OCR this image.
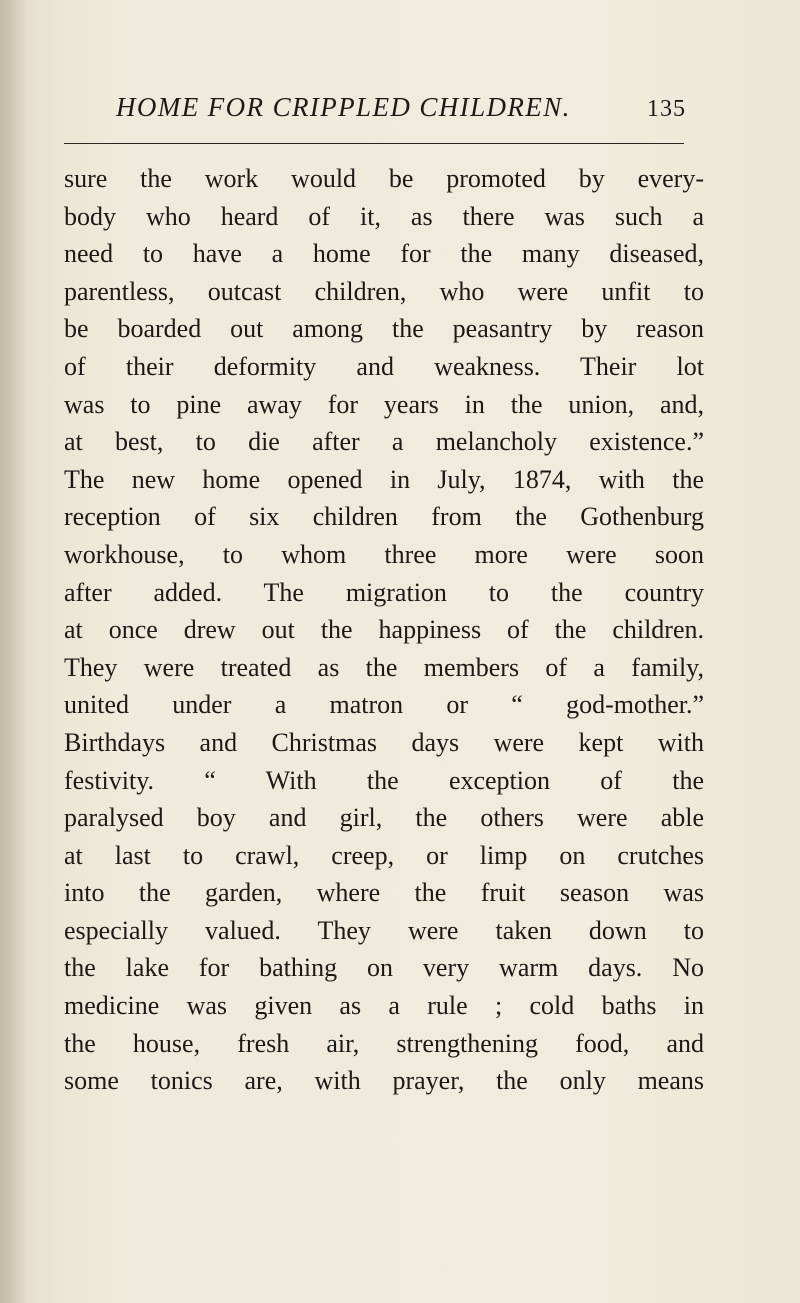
HOME FOR CRIPPLED CHILDREN.	135
sure the work would be promoted by every-
body who heard of it, as there was such a
need to have a home for the many diseased,
parentless, outcast children, who were unfit to
be boarded out among the peasantry by reason
of their deformity and weakness. Their lot
was to pine away for years in the union, and,
at best, to die after a melancholy existence.”
The new home opened in July, 1874, with the
reception of six children from the Gothenburg
workhouse, to whom three more were soon
after added. The migration to the country
at once drew out the happiness of the children.
They were treated as the members of a family,
united under a matron or “ god-mother.”
Birthdays and Christmas days were kept with
festivity. “ With the exception of the
paralysed boy and girl, the others were able
at last to crawl, creep, or limp on crutches
into the garden, where the fruit season was
especially valued. They were taken down to
the lake for bathing on very warm days. No
medicine was given as a rule ; cold baths in
the house, fresh air, strengthening food, and
some tonics are, with prayer, the only means
